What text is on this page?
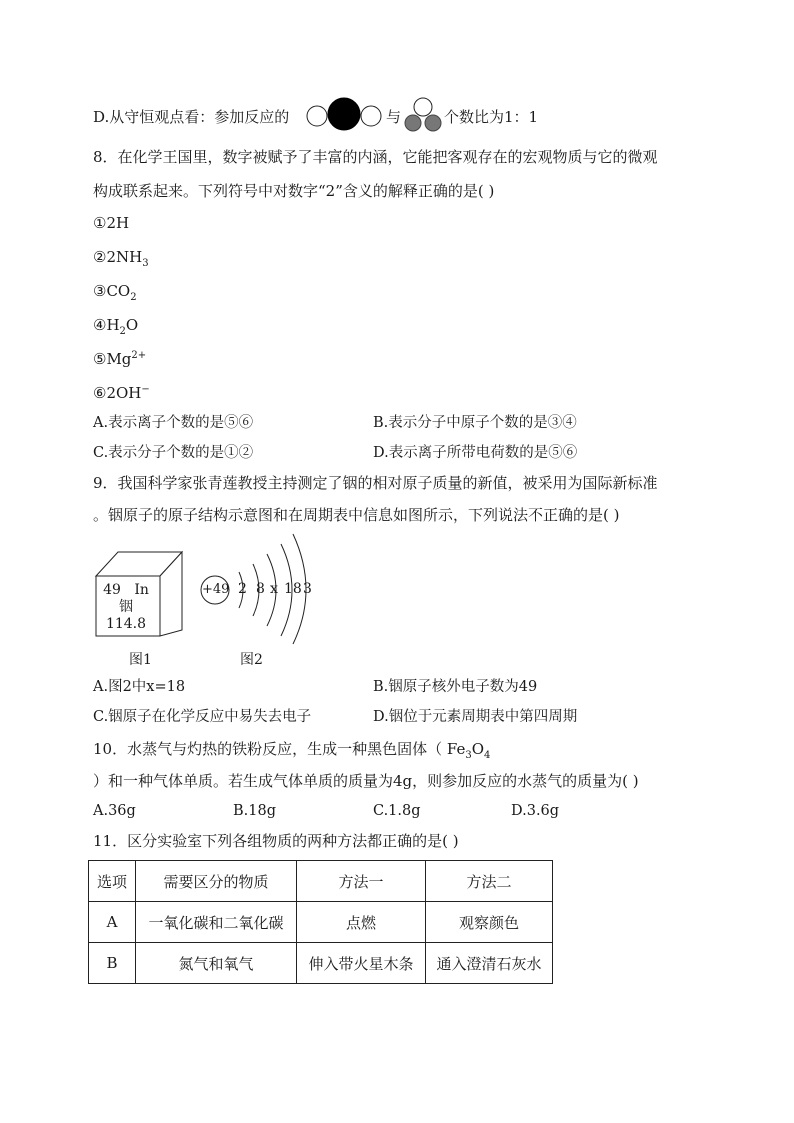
D.从守恒观点看：参加反应的	与	个数比为1：1
8．在化学王国里，数字被赋予了丰富的内涵，它能把客观存在的宏观物质与它的微观
构成联系起来。下列符号中对数字“2”含义的解释正确的是( )
①2H
$②2NH_3$
$③CO_2$
$④H_2O$
$⑤Mg^{2+}$
⑥2OH−
A.表示离子个数的是⑤⑥	B.表示分子中原子个数的是③④
C.表示分子个数的是①②	D.表示离子所带电荷数的是⑤⑥
9．我国科学家张青莲教授主持测定了铟的相对原子质量的新值，被采用为国际新标准
。铟原子的原子结构示意图和在周期表中信息如图所示，下列说法不正确的是( )
49 In
铟
114.8
+49 2 8 x 18 3
图1	图2
A.图2中x=18	B.铟原子核外电子数为49
C.铟原子在化学反应中易失去电子	D.铟位于元素周期表中第四周期
10．水蒸气与灼热的铁粉反应，生成一种黑色固体（ $Fe_3O_4$
）和一种气体单质。若生成气体单质的质量为4g，则参加反应的水蒸气的质量为( )
A.36g	B.18g	C.1.8g	D.3.6g
11．区分实验室下列各组物质的两种方法都正确的是( )
选项	需要区分的物质	方法一	方法二
A	一氧化碳和二氧化碳	点燃	观察颜色
B	氮气和氧气	伸入带火星木条	通入澄清石灰水
